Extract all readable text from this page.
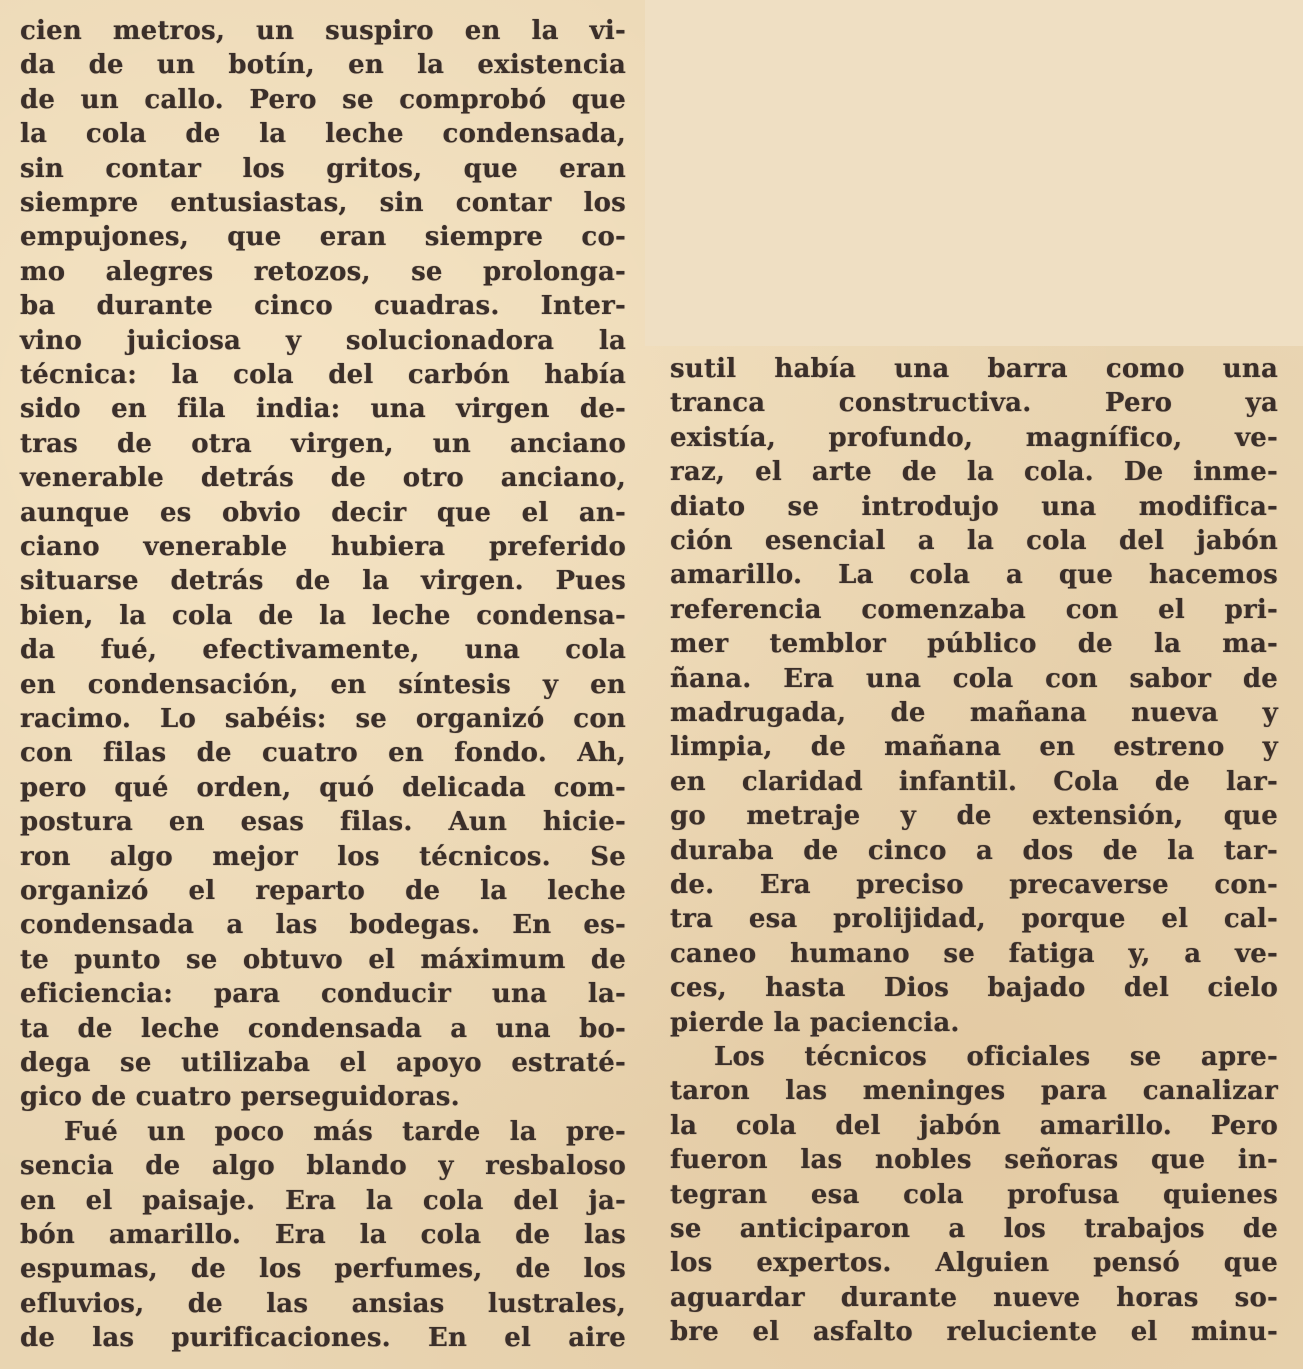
cien metros, un suspiro en la vi-
da de un botín, en la existencia
de un callo. Pero se comprobó que
la cola de la leche condensada,
sin contar los gritos, que eran
siempre entusiastas, sin contar los
empujones, que eran siempre co-
mo alegres retozos, se prolonga-
ba durante cinco cuadras. Inter-
vino juiciosa y solucionadora la
técnica: la cola del carbón había
sido en fila india: una virgen de-
tras de otra virgen, un anciano
venerable detrás de otro anciano,
aunque es obvio decir que el an-
ciano venerable hubiera preferido
situarse detrás de la virgen. Pues
bien, la cola de la leche condensa-
da fué, efectivamente, una cola
en condensación, en síntesis y en
racimo. Lo sabéis: se organizó con
con filas de cuatro en fondo. Ah,
pero qué orden, quó delicada com-
postura en esas filas. Aun hicie-
ron algo mejor los técnicos. Se
organizó el reparto de la leche
condensada a las bodegas. En es-
te punto se obtuvo el máximum de
eficiencia: para conducir una la-
ta de leche condensada a una bo-
dega se utilizaba el apoyo estraté-
gico de cuatro perseguidoras.
Fué un poco más tarde la pre-
sencia de algo blando y resbaloso
en el paisaje. Era la cola del ja-
bón amarillo. Era la cola de las
espumas, de los perfumes, de los
efluvios, de las ansias lustrales,
de las purificaciones. En el aire
sutil había una barra como una
tranca constructiva. Pero ya
existía, profundo, magnífico, ve-
raz, el arte de la cola. De inme-
diato se introdujo una modifica-
ción esencial a la cola del jabón
amarillo. La cola a que hacemos
referencia comenzaba con el pri-
mer temblor público de la ma-
ñana. Era una cola con sabor de
madrugada, de mañana nueva y
limpia, de mañana en estreno y
en claridad infantil. Cola de lar-
go metraje y de extensión, que
duraba de cinco a dos de la tar-
de. Era preciso precaverse con-
tra esa prolijidad, porque el cal-
caneo humano se fatiga y, a ve-
ces, hasta Dios bajado del cielo
pierde la paciencia.
Los técnicos oficiales se apre-
taron las meninges para canalizar
la cola del jabón amarillo. Pero
fueron las nobles señoras que in-
tegran esa cola profusa quienes
se anticiparon a los trabajos de
los expertos. Alguien pensó que
aguardar durante nueve horas so-
bre el asfalto reluciente el minu-
